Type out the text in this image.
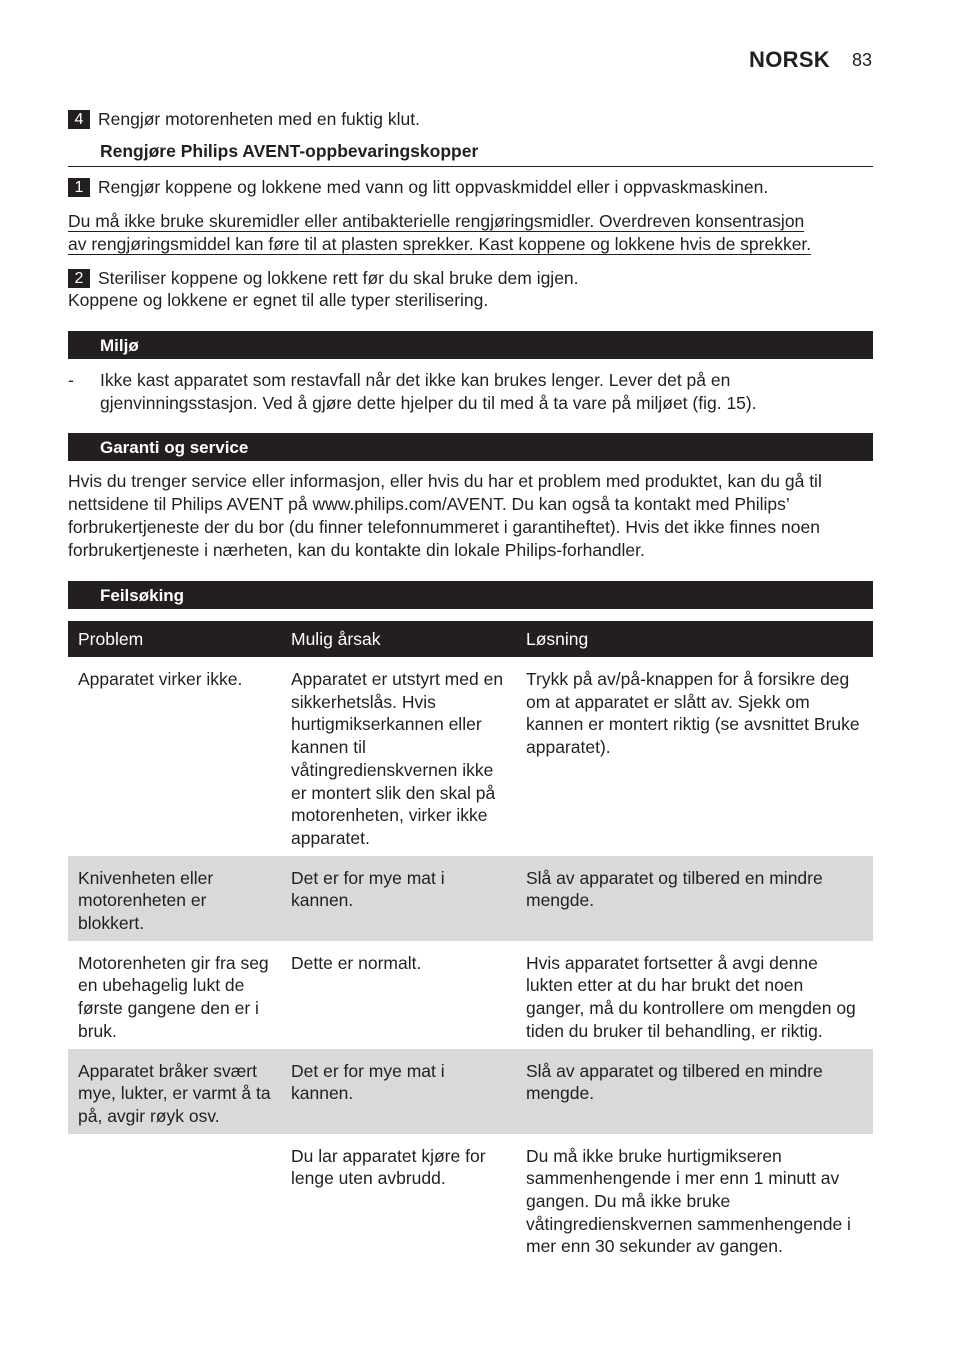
NORSK 83
4 Rengjør motorenheten med en fuktig klut.
Rengjøre Philips AVENT-oppbevaringskopper
1 Rengjør koppene og lokkene med vann og litt oppvaskmiddel eller i oppvaskmaskinen.
Du må ikke bruke skuremidler eller antibakterielle rengjøringsmidler. Overdreven konsentrasjon
av rengjøringsmiddel kan føre til at plasten sprekker. Kast koppene og lokkene hvis de sprekker.
2 Steriliser koppene og lokkene rett før du skal bruke dem igjen.
Koppene og lokkene er egnet til alle typer sterilisering.
Miljø
- Ikke kast apparatet som restavfall når det ikke kan brukes lenger. Lever det på en gjenvinningsstasjon. Ved å gjøre dette hjelper du til med å ta vare på miljøet (fig. 15).
Garanti og service
Hvis du trenger service eller informasjon, eller hvis du har et problem med produktet, kan du gå til nettsidene til Philips AVENT på www.philips.com/AVENT. Du kan også ta kontakt med Philips’ forbrukertjeneste der du bor (du finner telefonnummeret i garantiheftet). Hvis det ikke finnes noen forbrukertjeneste i nærheten, kan du kontakte din lokale Philips-forhandler.
Feilsøking
Problem	Mulig årsak	Løsning
Apparatet virker ikke.	Apparatet er utstyrt med en sikkerhetslås. Hvis hurtigmikserkannen eller kannen til våtingredienskvernen ikke er montert slik den skal på motorenheten, virker ikke apparatet.	Trykk på av/på-knappen for å forsikre deg om at apparatet er slått av. Sjekk om kannen er montert riktig (se avsnittet Bruke apparatet).
Knivenheten eller motorenheten er blokkert.	Det er for mye mat i kannen.	Slå av apparatet og tilbered en mindre mengde.
Motorenheten gir fra seg en ubehagelig lukt de første gangene den er i bruk.	Dette er normalt.	Hvis apparatet fortsetter å avgi denne lukten etter at du har brukt det noen ganger, må du kontrollere om mengden og tiden du bruker til behandling, er riktig.
Apparatet bråker svært mye, lukter, er varmt å ta på, avgir røyk osv.	Det er for mye mat i kannen.	Slå av apparatet og tilbered en mindre mengde.
	Du lar apparatet kjøre for lenge uten avbrudd.	Du må ikke bruke hurtigmikseren sammenhengende i mer enn 1 minutt av gangen. Du må ikke bruke våtingredienskvernen sammenhengende i mer enn 30 sekunder av gangen.
